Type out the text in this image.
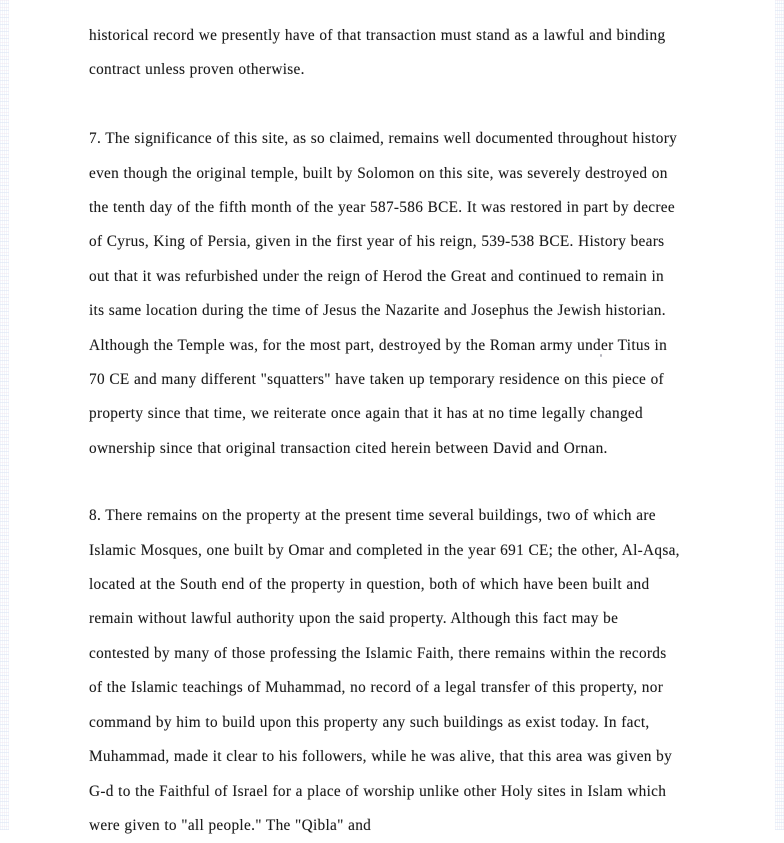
historical record we presently have of that transaction must stand as a lawful and binding contract unless proven otherwise.

7. The significance of this site, as so claimed, remains well documented throughout history even though the original temple, built by Solomon on this site, was severely destroyed on the tenth day of the fifth month of the year 587-586 BCE. It was restored in part by decree of Cyrus, King of Persia, given in the first year of his reign, 539-538 BCE. History bears out that it was refurbished under the reign of Herod the Great and continued to remain in its same location during the time of Jesus the Nazarite and Josephus the Jewish historian. Although the Temple was, for the most part, destroyed by the Roman army under Titus in 70 CE and many different "squatters" have taken up temporary residence on this piece of property since that time, we reiterate once again that it has at no time legally changed ownership since that original transaction cited herein between David and Ornan.

8. There remains on the property at the present time several buildings, two of which are Islamic Mosques, one built by Omar and completed in the year 691 CE; the other, Al-Aqsa, located at the South end of the property in question, both of which have been built and remain without lawful authority upon the said property. Although this fact may be contested by many of those professing the Islamic Faith, there remains within the records of the Islamic teachings of Muhammad, no record of a legal transfer of this property, nor command by him to build upon this property any such buildings as exist today. In fact, Muhammad, made it clear to his followers, while he was alive, that this area was given by G-d to the Faithful of Israel for a place of worship unlike other Holy sites in Islam which were given to "all people." The "Qibla" and
